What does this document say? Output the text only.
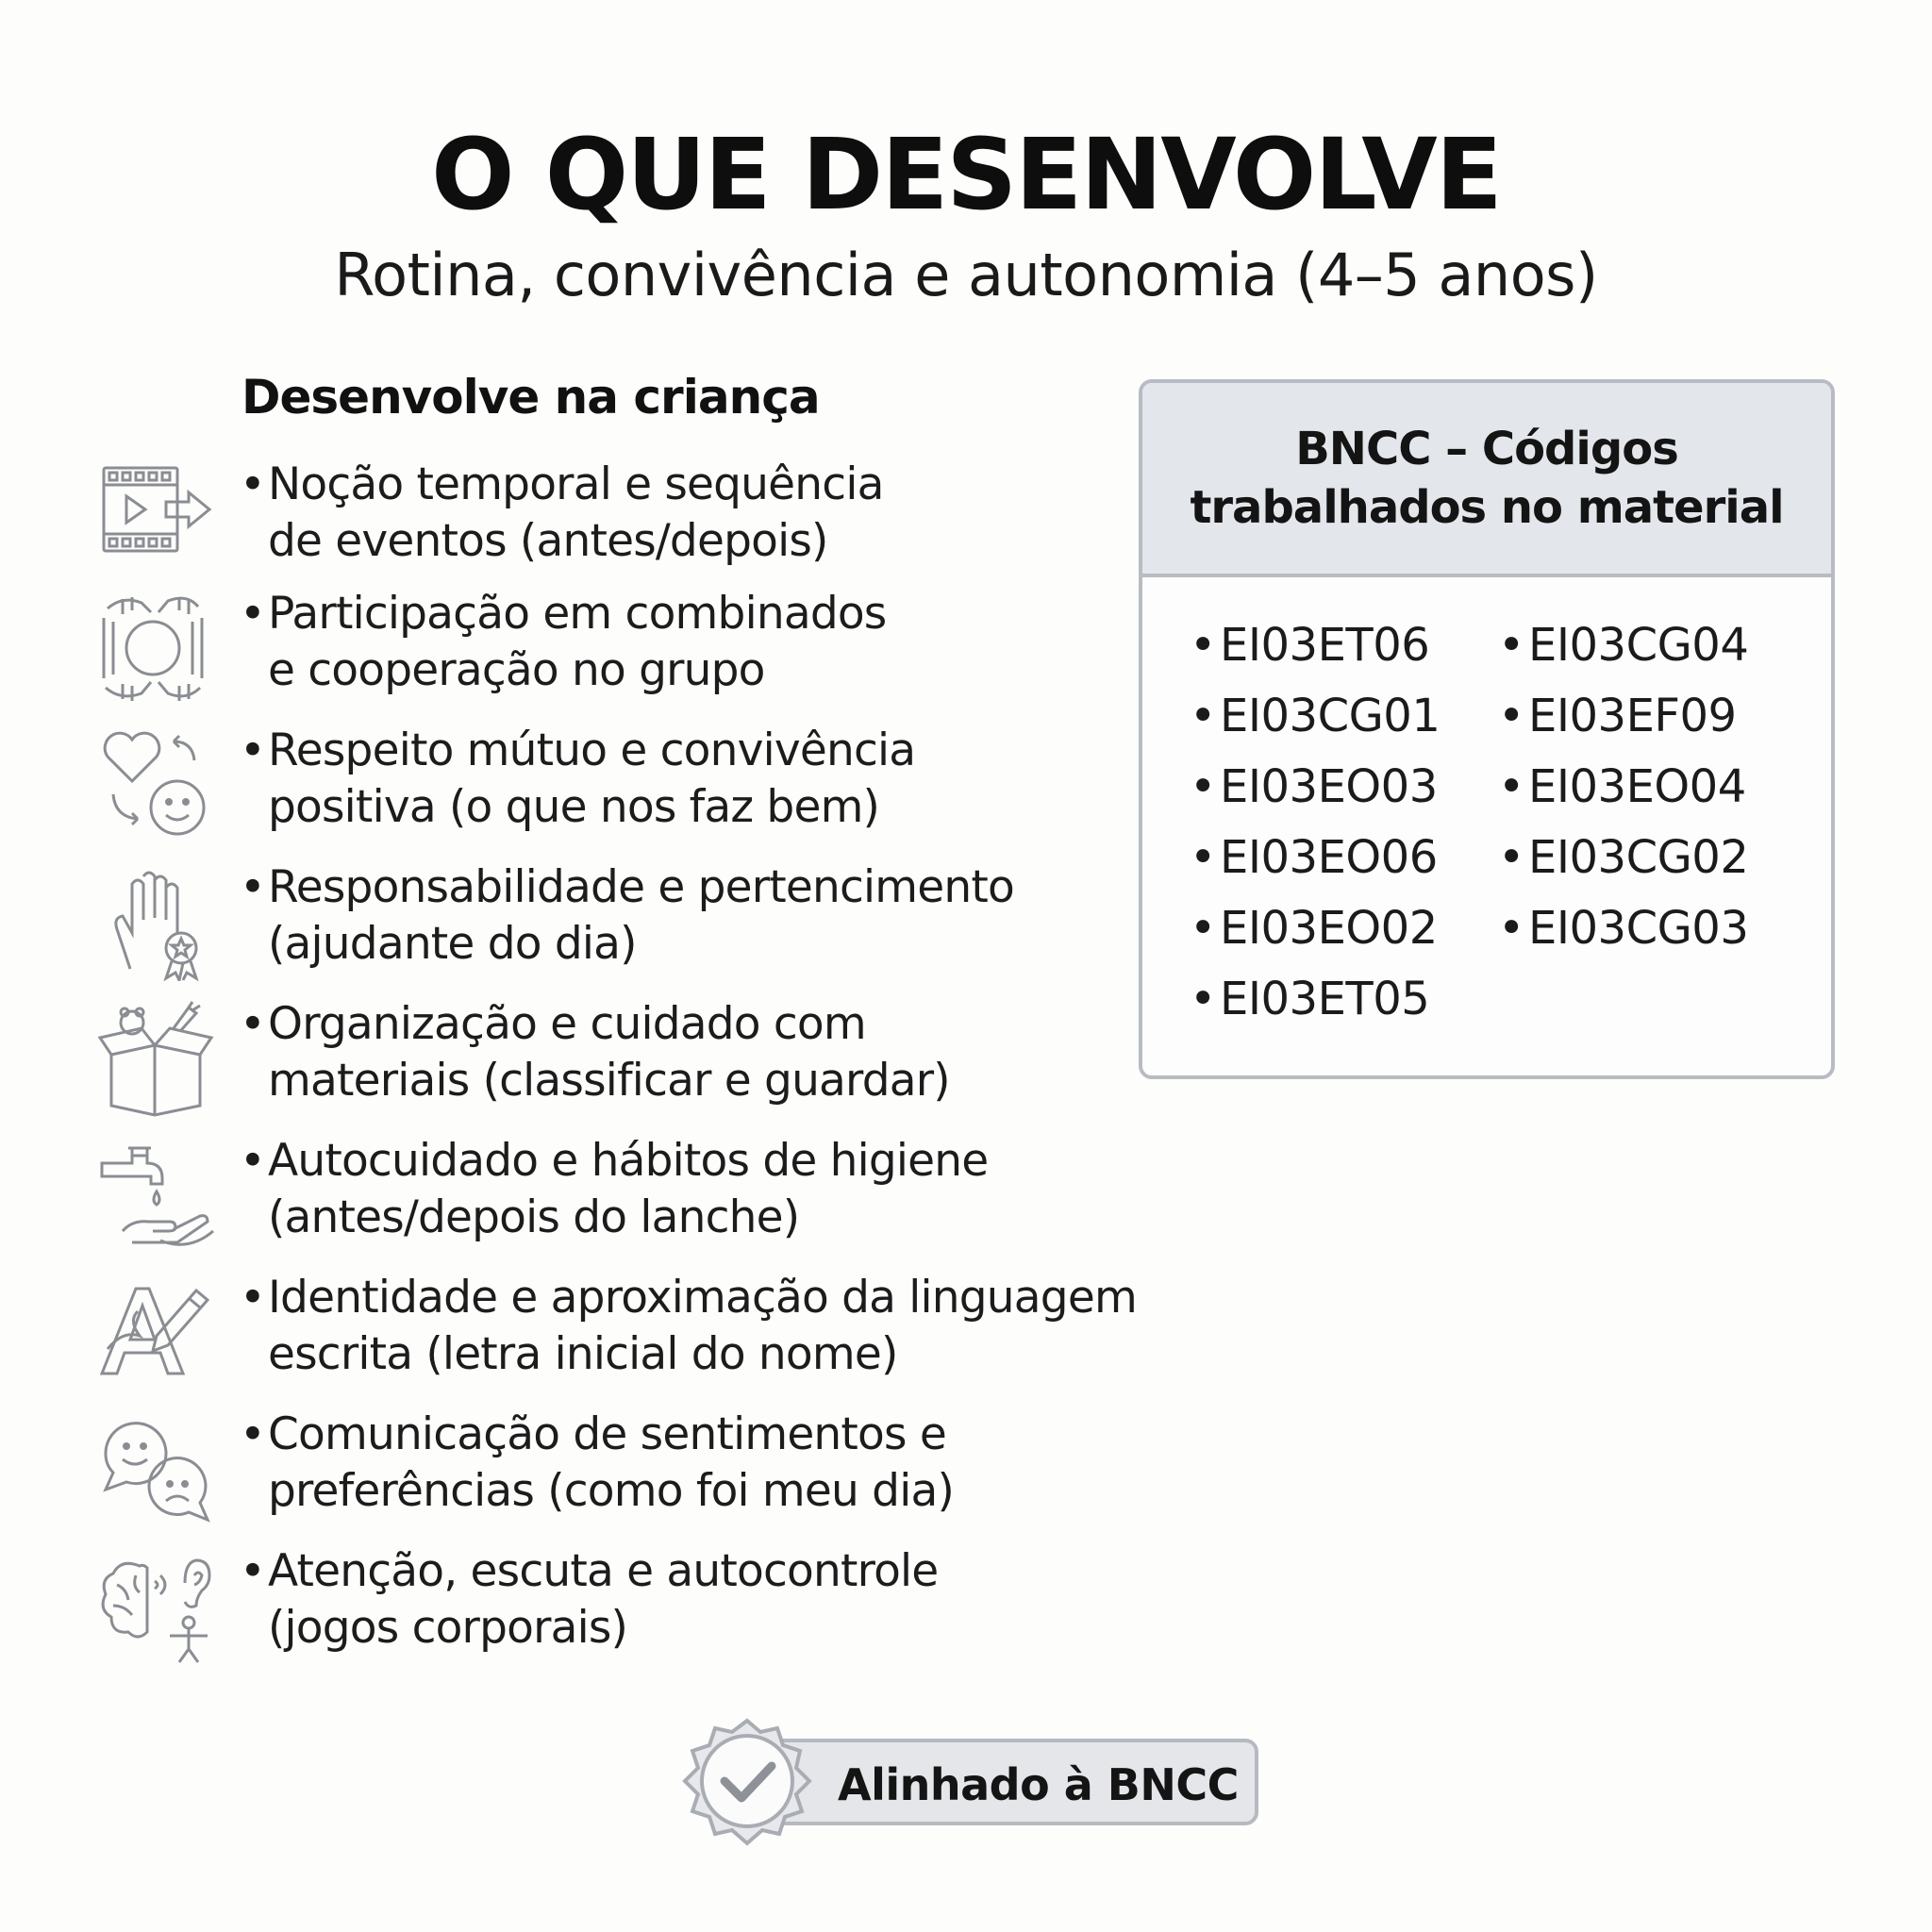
O QUE DESENVOLVE
Rotina, convivência e autonomia (4–5 anos)
Desenvolve na criança
•Noção temporal e sequência
de eventos (antes/depois)
•Participação em combinados
e cooperação no grupo
•Respeito mútuo e convivência
positiva (o que nos faz bem)
•Responsabilidade e pertencimento
(ajudante do dia)
•Organização e cuidado com
materiais (classificar e guardar)
•Autocuidado e hábitos de higiene
(antes/depois do lanche)
•Identidade e aproximação da linguagem
escrita (letra inicial do nome)
•Comunicação de sentimentos e
preferências (como foi meu dia)
•Atenção, escuta e autocontrole
(jogos corporais)
BNCC – Códigos
trabalhados no material
•EI03ET06
•EI03CG01
•EI03EO03
•EI03EO06
•EI03EO02
•EI03ET05
•EI03CG04
•EI03EF09
•EI03EO04
•EI03CG02
•EI03CG03
Alinhado à BNCC
